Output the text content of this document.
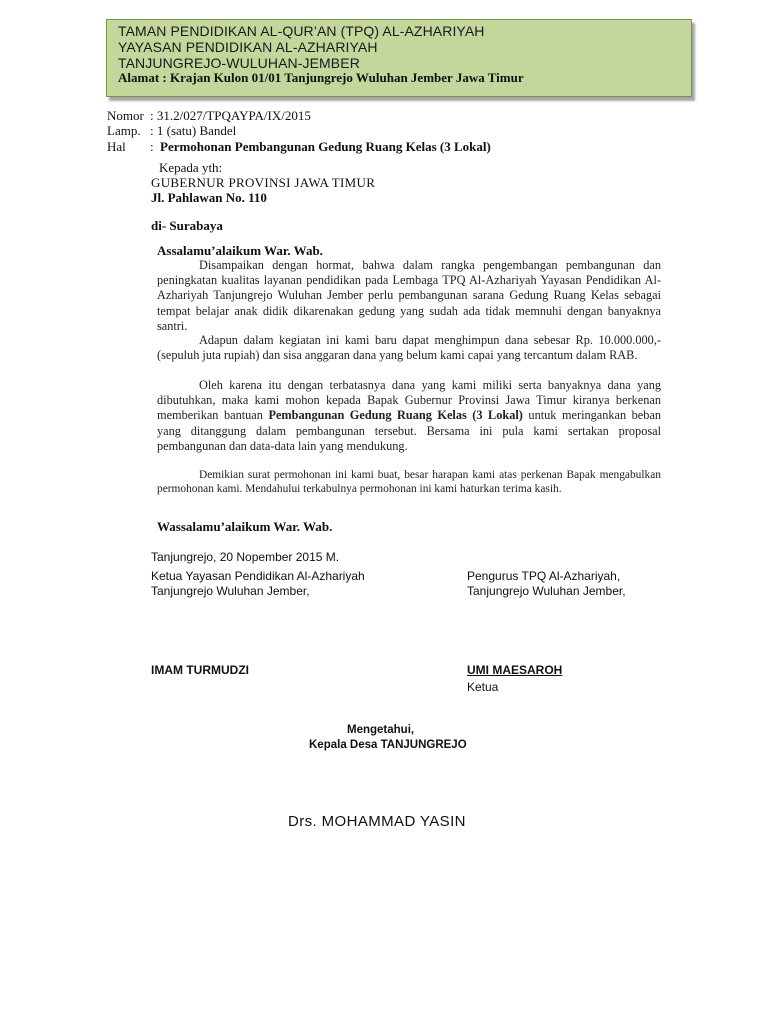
TAMAN PENDIDIKAN AL-QUR’AN (TPQ) AL-AZHARIYAH
YAYASAN PENDIDIKAN AL-AZHARIYAH
TANJUNGREJO-WULUHAN-JEMBER
Alamat : Krajan Kulon 01/01 Tanjungrejo Wuluhan Jember Jawa Timur
Nomor : 31.2/027/TPQAYPA/IX/2015
Lamp. : 1 (satu) Bandel
Hal : Permohonan Pembangunan Gedung Ruang Kelas (3 Lokal)
Kepada yth:
GUBERNUR PROVINSI JAWA TIMUR
Jl. Pahlawan No. 110
di- Surabaya
Assalamu’alaikum War. Wab.
Disampaikan dengan hormat, bahwa dalam rangka pengembangan pembangunan dan peningkatan kualitas layanan pendidikan pada Lembaga TPQ Al-Azhariyah Yayasan Pendidikan Al-Azhariyah Tanjungrejo Wuluhan Jember perlu pembangunan sarana Gedung Ruang Kelas sebagai tempat belajar anak didik dikarenakan gedung yang sudah ada tidak memnuhi dengan banyaknya santri.
Adapun dalam kegiatan ini kami baru dapat menghimpun dana sebesar Rp. 10.000.000,- (sepuluh juta rupiah) dan sisa anggaran dana yang belum kami capai yang tercantum dalam RAB.
Oleh karena itu dengan terbatasnya dana yang kami miliki serta banyaknya dana yang dibutuhkan, maka kami mohon kepada Bapak Gubernur Provinsi Jawa Timur kiranya berkenan memberikan bantuan Pembangunan Gedung Ruang Kelas (3 Lokal) untuk meringankan beban yang ditanggung dalam pembangunan tersebut. Bersama ini pula kami sertakan proposal pembangunan dan data-data lain yang mendukung.
Demikian surat permohonan ini kami buat, besar harapan kami atas perkenan Bapak mengabulkan permohonan kami. Mendahului terkabulnya permohonan ini kami haturkan terima kasih.
Wassalamu’alaikum War. Wab.
Tanjungrejo, 20 Nopember 2015 M.
Ketua Yayasan Pendidikan Al-Azhariyah
Tanjungrejo Wuluhan Jember,
Pengurus TPQ Al-Azhariyah,
Tanjungrejo Wuluhan Jember,
IMAM TURMUDZI	UMI MAESAROH
Ketua
Mengetahui,
Kepala Desa TANJUNGREJO
Drs. MOHAMMAD YASIN
